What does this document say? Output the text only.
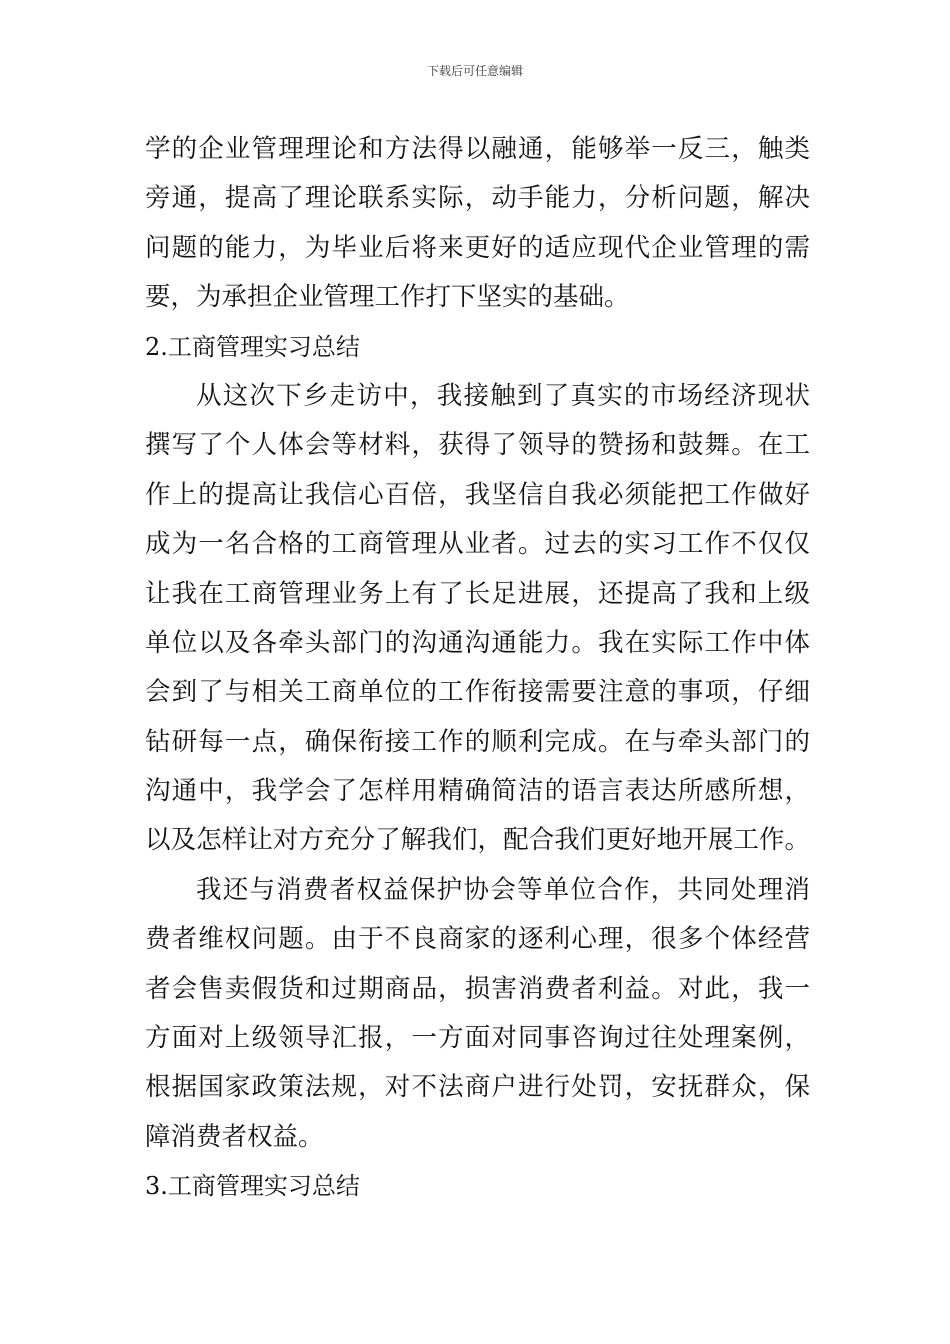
下载后可任意编辑
学的企业管理理论和方法得以融通，能够举一反三，触类
旁通，提高了理论联系实际，动手能力，分析问题，解决
问题的能力，为毕业后将来更好的适应现代企业管理的需
要，为承担企业管理工作打下坚实的基础。
2.工商管理实习总结
从这次下乡走访中，我接触到了真实的市场经济现状
撰写了个人体会等材料，获得了领导的赞扬和鼓舞。在工
作上的提高让我信心百倍，我坚信自我必须能把工作做好
成为一名合格的工商管理从业者。过去的实习工作不仅仅
让我在工商管理业务上有了长足进展，还提高了我和上级
单位以及各牵头部门的沟通沟通能力。我在实际工作中体
会到了与相关工商单位的工作衔接需要注意的事项，仔细
钻研每一点，确保衔接工作的顺利完成。在与牵头部门的
沟通中，我学会了怎样用精确简洁的语言表达所感所想，
以及怎样让对方充分了解我们，配合我们更好地开展工作。
我还与消费者权益保护协会等单位合作，共同处理消
费者维权问题。由于不良商家的逐利心理，很多个体经营
者会售卖假货和过期商品，损害消费者利益。对此，我一
方面对上级领导汇报，一方面对同事咨询过往处理案例，
根据国家政策法规，对不法商户进行处罚，安抚群众，保
障消费者权益。
3.工商管理实习总结
